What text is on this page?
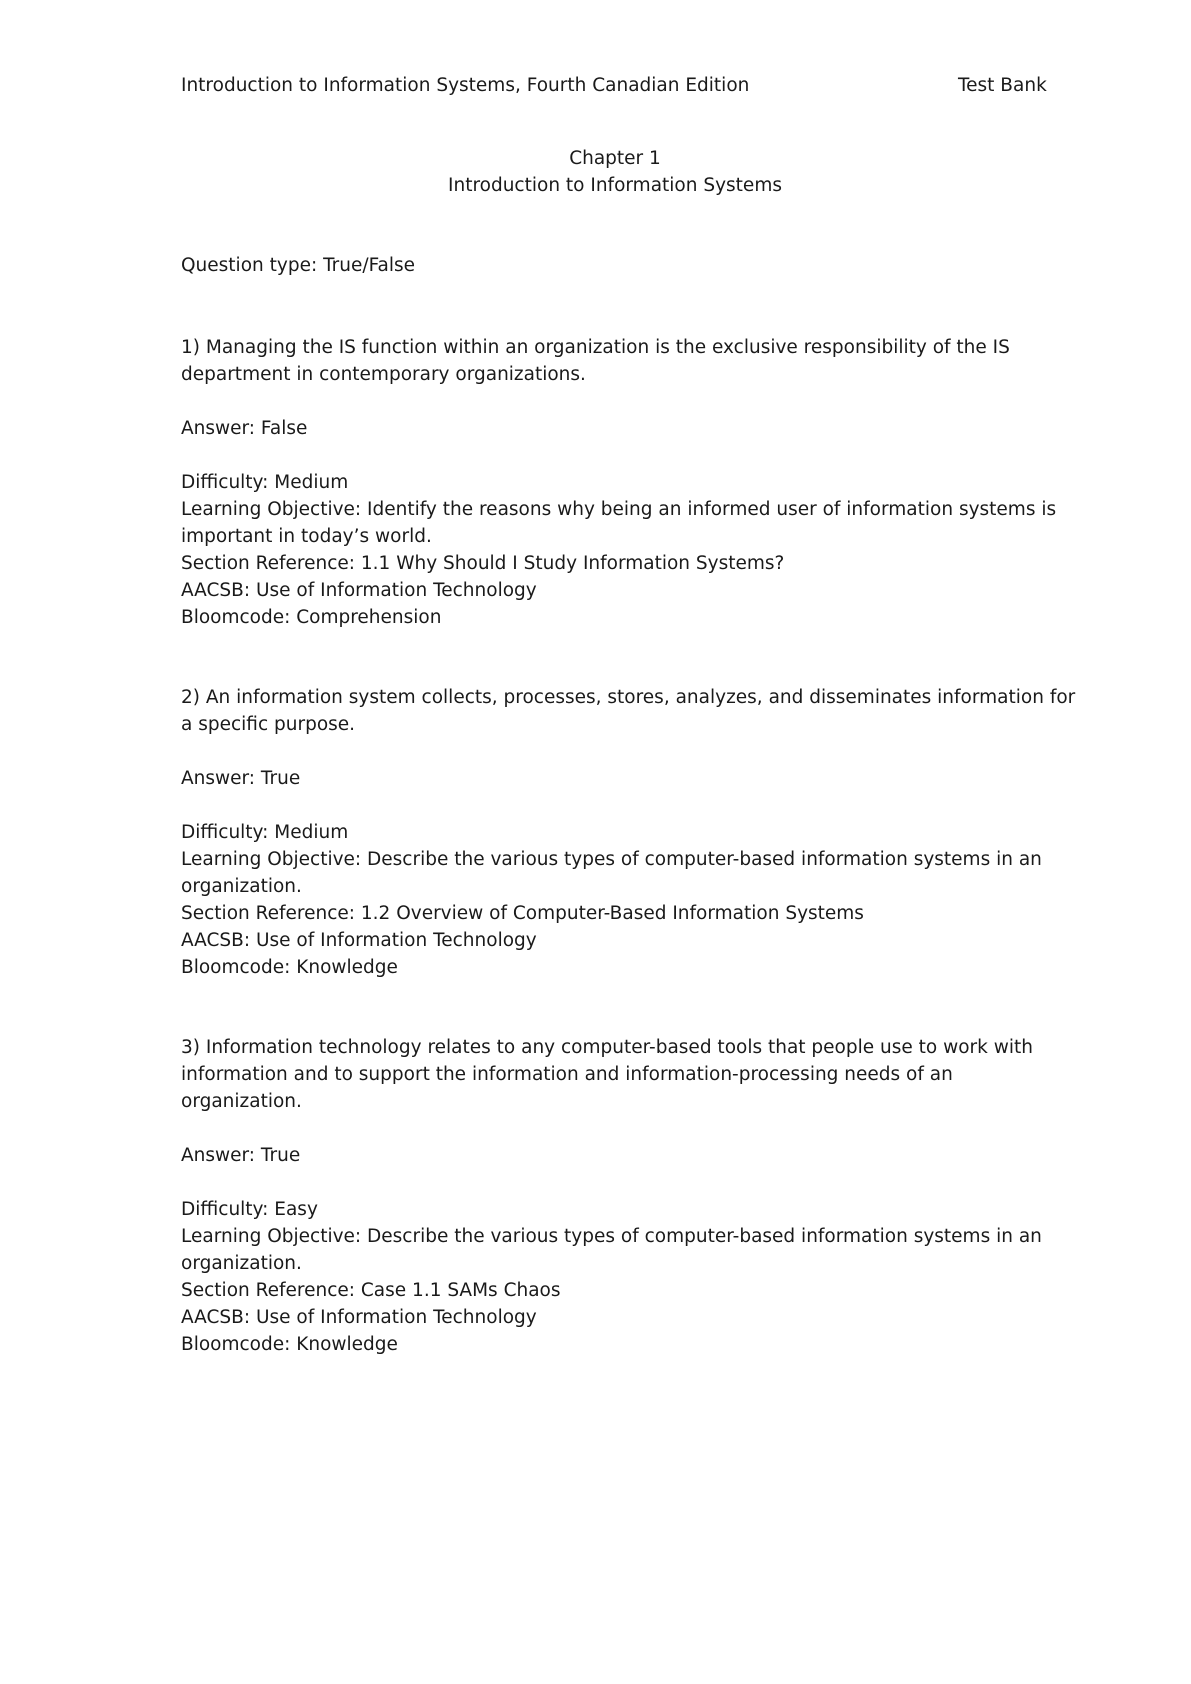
Introduction to Information Systems, Fourth Canadian Edition	Test Bank
Chapter 1
Introduction to Information Systems
Question type: True/False
1) Managing the IS function within an organization is the exclusive responsibility of the IS
department in contemporary organizations.
Answer: False
Difficulty: Medium
Learning Objective: Identify the reasons why being an informed user of information systems is
important in today’s world.
Section Reference: 1.1 Why Should I Study Information Systems?
AACSB: Use of Information Technology
Bloomcode: Comprehension
2) An information system collects, processes, stores, analyzes, and disseminates information for
a specific purpose.
Answer: True
Difficulty: Medium
Learning Objective: Describe the various types of computer-based information systems in an
organization.
Section Reference: 1.2 Overview of Computer-Based Information Systems
AACSB: Use of Information Technology
Bloomcode: Knowledge
3) Information technology relates to any computer-based tools that people use to work with
information and to support the information and information-processing needs of an
organization.
Answer: True
Difficulty: Easy
Learning Objective: Describe the various types of computer-based information systems in an
organization.
Section Reference: Case 1.1 SAMs Chaos
AACSB: Use of Information Technology
Bloomcode: Knowledge
